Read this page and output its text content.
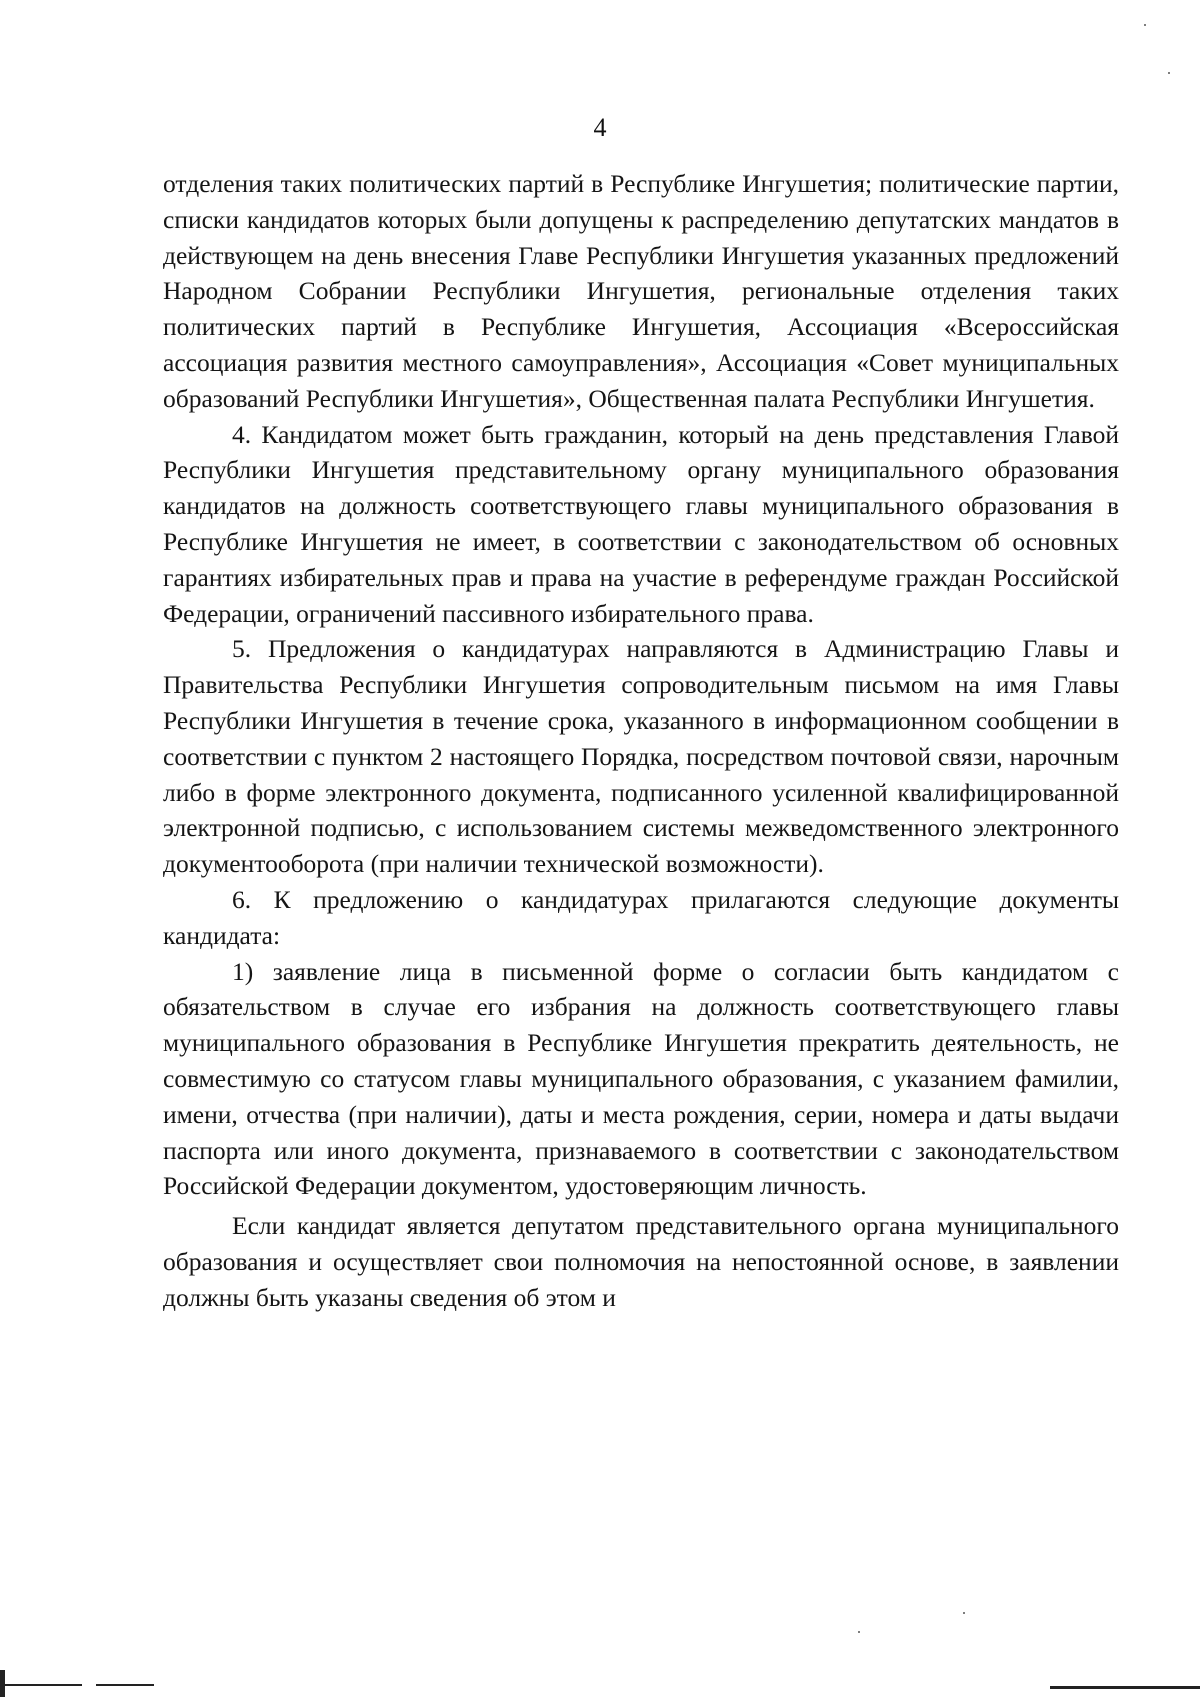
4

отделения таких политических партий в Республике Ингушетия; политические партии, списки кандидатов которых были допущены к распределению депутатских мандатов в действующем на день внесения Главе Республики Ингушетия указанных предложений Народном Собрании Республики Ингушетия, региональные отделения таких политических партий в Республике Ингушетия, Ассоциация «Всероссийская ассоциация развития местного самоуправления», Ассоциация «Совет муниципальных образований Республики Ингушетия», Общественная палата Республики Ингушетия.

4. Кандидатом может быть гражданин, который на день представления Главой Республики Ингушетия представительному органу муниципального образования кандидатов на должность соответствующего главы муниципального образования в Республике Ингушетия не имеет, в соответствии с законодательством об основных гарантиях избирательных прав и права на участие в референдуме граждан Российской Федерации, ограничений пассивного избирательного права.

5. Предложения о кандидатурах направляются в Администрацию Главы и Правительства Республики Ингушетия сопроводительным письмом на имя Главы Республики Ингушетия в течение срока, указанного в информационном сообщении в соответствии с пунктом 2 настоящего Порядка, посредством почтовой связи, нарочным либо в форме электронного документа, подписанного усиленной квалифицированной электронной подписью, с использованием системы межведомственного электронного документооборота (при наличии технической возможности).

6. К предложению о кандидатурах прилагаются следующие документы кандидата:

1) заявление лица в письменной форме о согласии быть кандидатом с обязательством в случае его избрания на должность соответствующего главы муниципального образования в Республике Ингушетия прекратить деятельность, не совместимую со статусом главы муниципального образования, с указанием фамилии, имени, отчества (при наличии), даты и места рождения, серии, номера и даты выдачи паспорта или иного документа, признаваемого в соответствии с законодательством Российской Федерации документом, удостоверяющим личность.

Если кандидат является депутатом представительного органа муниципального образования и осуществляет свои полномочия на непостоянной основе, в заявлении должны быть указаны сведения об этом и
